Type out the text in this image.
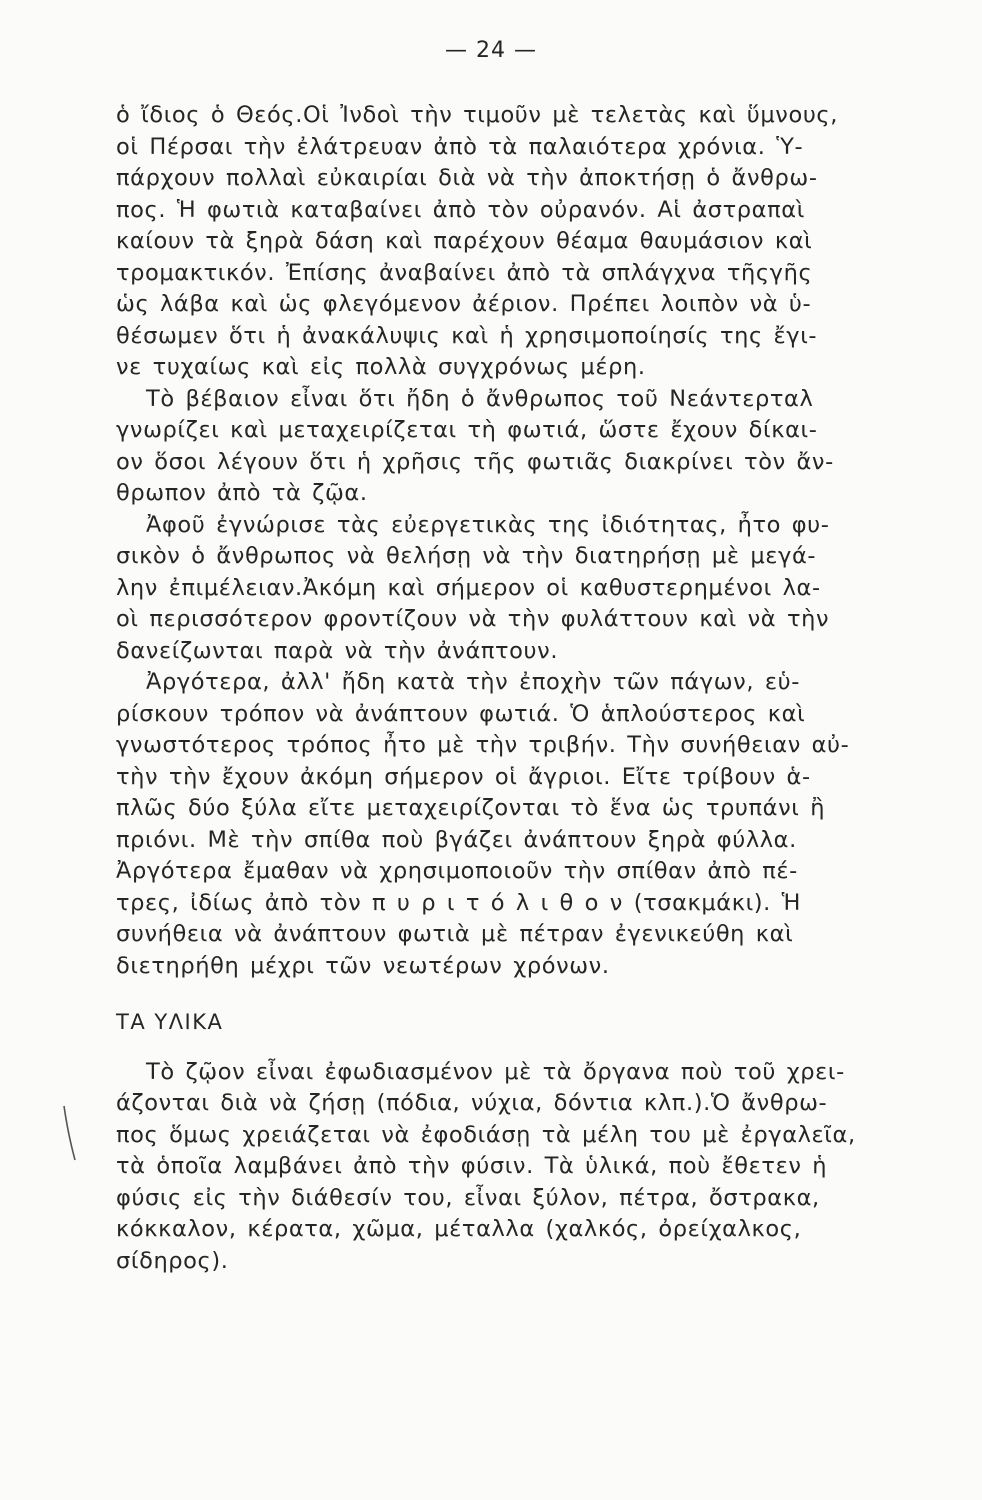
— 24 —
ὁ ἴδιος ὁ Θεός.Οἱ Ἰνδοὶ τὴν τιμοῦν μὲ τελετὰς καὶ ὕμνους,
οἱ Πέρσαι τὴν ἐλάτρευαν ἀπὸ τὰ παλαιότερα χρόνια. Ὑ-
πάρχουν πολλαὶ εὐκαιρίαι διὰ νὰ τὴν ἀποκτήσῃ ὁ ἄνθρω-
πος. Ἡ φωτιὰ καταβαίνει ἀπὸ τὸν οὐρανόν. Αἱ ἀστραπαὶ
καίουν τὰ ξηρὰ δάση καὶ παρέχουν θέαμα θαυμάσιον καὶ
τρομακτικόν. Ἐπίσης ἀναβαίνει ἀπὸ τὰ σπλάγχνα τῆςγῆς
ὡς λάβα καὶ ὡς φλεγόμενον ἀέριον. Πρέπει λοιπὸν νὰ ὑ-
θέσωμεν ὅτι ἡ ἀνακάλυψις καὶ ἡ χρησιμοποίησίς της ἔγι-
νε τυχαίως καὶ εἰς πολλὰ συγχρόνως μέρη.
Τὸ βέβαιον εἶναι ὅτι ἤδη ὁ ἄνθρωπος τοῦ Νεάντερταλ
γνωρίζει καὶ μεταχειρίζεται τὴ φωτιά, ὥστε ἔχουν δίκαι-
ον ὅσοι λέγουν ὅτι ἡ χρῆσις τῆς φωτιᾶς διακρίνει τὸν ἄν-
θρωπον ἀπὸ τὰ ζῷα.
Ἀφοῦ ἐγνώρισε τὰς εὐεργετικὰς της ἰδιότητας, ἦτο φυ-
σικὸν ὁ ἄνθρωπος νὰ θελήσῃ νὰ τὴν διατηρήσῃ μὲ μεγά-
λην ἐπιμέλειαν.Ἀκόμη καὶ σήμερον οἱ καθυστερημένοι λα-
οὶ περισσότερον φροντίζουν νὰ τὴν φυλάττουν καὶ νὰ τὴν
δανείζωνται παρὰ νὰ τὴν ἀνάπτουν.
Ἀργότερα, ἀλλ' ἤδη κατὰ τὴν ἐποχὴν τῶν πάγων, εὑ-
ρίσκουν τρόπον νὰ ἀνάπτουν φωτιά. Ὁ ἁπλούστερος καὶ
γνωστότερος τρόπος ἦτο μὲ τὴν τριβήν. Τὴν συνήθειαν αὐ-
τὴν τὴν ἔχουν ἀκόμη σήμερον οἱ ἄγριοι. Εἴτε τρίβουν ἁ-
πλῶς δύο ξύλα εἴτε μεταχειρίζονται τὸ ἕνα ὡς τρυπάνι ἢ
πριόνι. Μὲ τὴν σπίθα ποὺ βγάζει ἀνάπτουν ξηρὰ φύλλα.
Ἀργότερα ἔμαθαν νὰ χρησιμοποιοῦν τὴν σπίθαν ἀπὸ πέ-
τρες, ἰδίως ἀπὸ τὸν π υ ρ ι τ ό λ ι θ ο ν (τσακμάκι). Ἡ
συνήθεια νὰ ἀνάπτουν φωτιὰ μὲ πέτραν ἐγενικεύθη καὶ
διετηρήθη μέχρι τῶν νεωτέρων χρόνων.
ΤΑ ΥΛΙΚΑ
Τὸ ζῷον εἶναι ἐφωδιασμένον μὲ τὰ ὄργανα ποὺ τοῦ χρει-
άζονται διὰ νὰ ζήσῃ (πόδια, νύχια, δόντια κλπ.).Ὁ ἄνθρω-
πος ὅμως χρειάζεται νὰ ἐφοδιάσῃ τὰ μέλη του μὲ ἐργαλεῖα,
τὰ ὁποῖα λαμβάνει ἀπὸ τὴν φύσιν. Τὰ ὑλικά, ποὺ ἔθετεν ἡ
φύσις εἰς τὴν διάθεσίν του, εἶναι ξύλον, πέτρα, ὄστρακα,
κόκκαλον, κέρατα, χῶμα, μέταλλα (χαλκός, ὀρείχαλκος,
σίδηρος).
